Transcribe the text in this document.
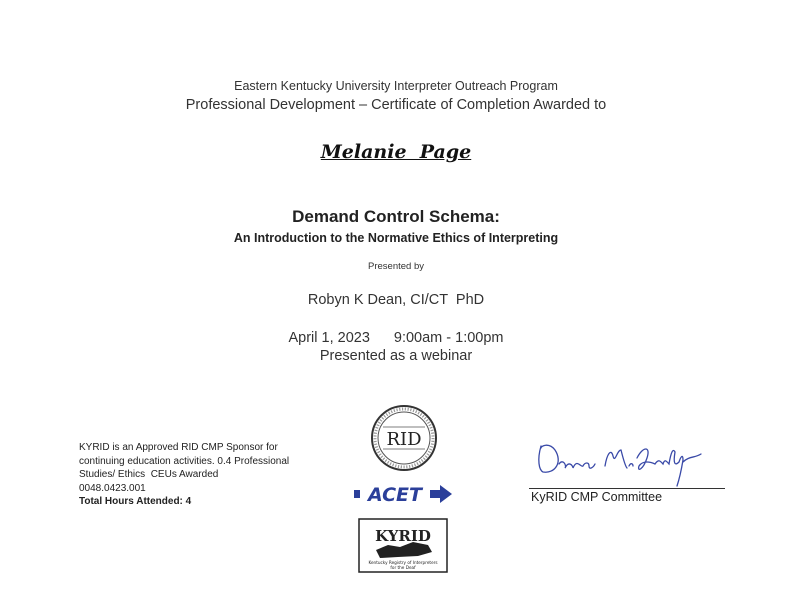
Eastern Kentucky University Interpreter Outreach Program
Professional Development – Certificate of Completion Awarded to
Melanie  Page
Demand Control Schema:
An Introduction to the Normative Ethics of Interpreting
Presented by
Robyn K Dean, CI/CT  PhD
April 1, 2023 9:00am - 1:00pm
Presented as a webinar
KYRID is an Approved RID CMP Sponsor for
continuing education activities. 0.4 Professional
Studies/ Ethics  CEUs Awarded
0048.0423.001
Total Hours Attended: 4
RID
ACET
KYRID
Kentucky Registry of Interpreters
for the Deaf
KyRID CMP Committee
